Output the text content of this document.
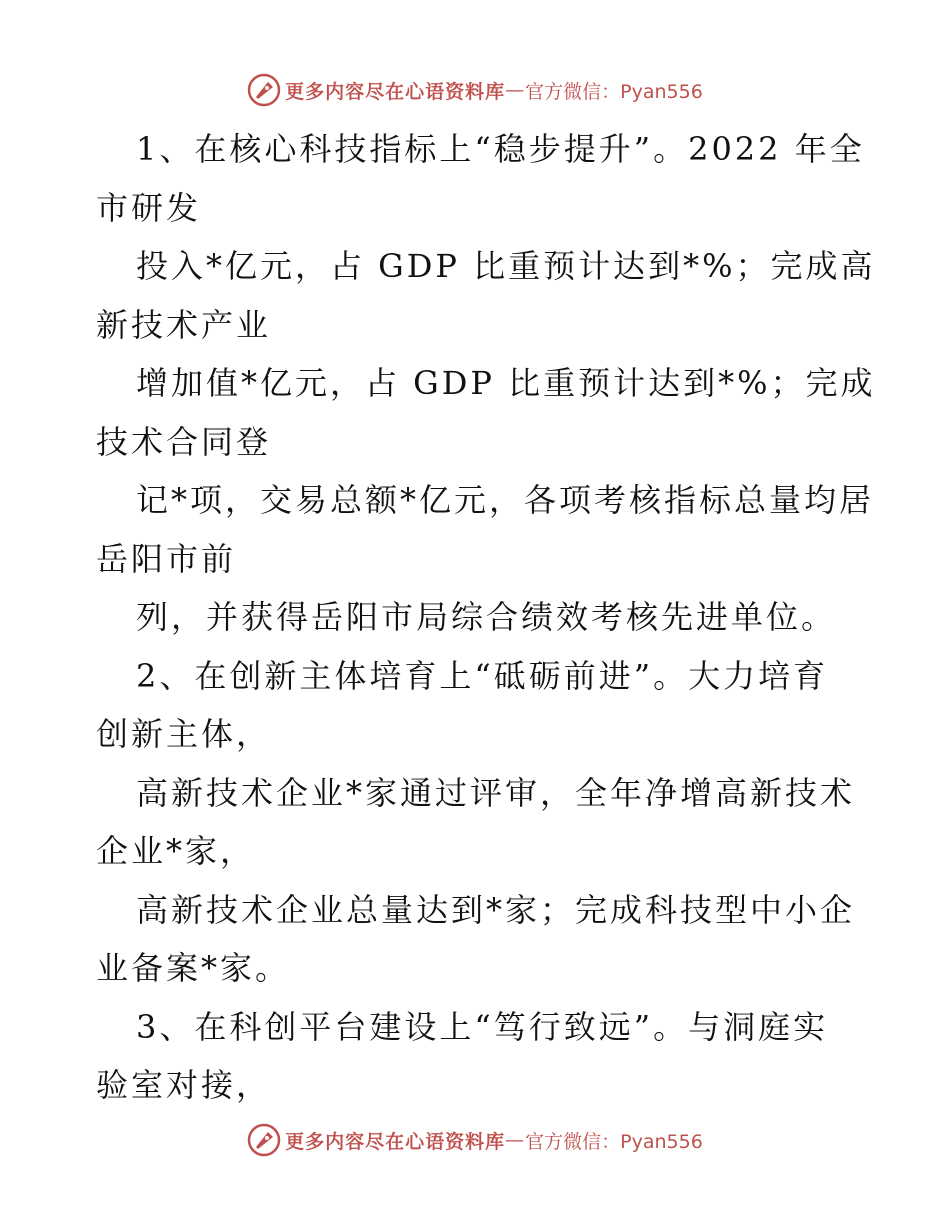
更多内容尽在心语资料库 — 官方微信：Pyan556

1、在核心科技指标上“稳步提升”。2022 年全

市研发

投入*亿元，占 GDP 比重预计达到*%；完成高

新技术产业

增加值*亿元，占 GDP 比重预计达到*%；完成

技术合同登

记*项，交易总额*亿元，各项考核指标总量均居

岳阳市前

列，并获得岳阳市局综合绩效考核先进单位。

2、在创新主体培育上“砥砺前进”。大力培育

创新主体，

高新技术企业*家通过评审，全年净增高新技术

企业*家，

高新技术企业总量达到*家；完成科技型中小企

业备案*家。

3、在科创平台建设上“笃行致远”。与洞庭实

验室对接，

更多内容尽在心语资料库 — 官方微信：Pyan556
